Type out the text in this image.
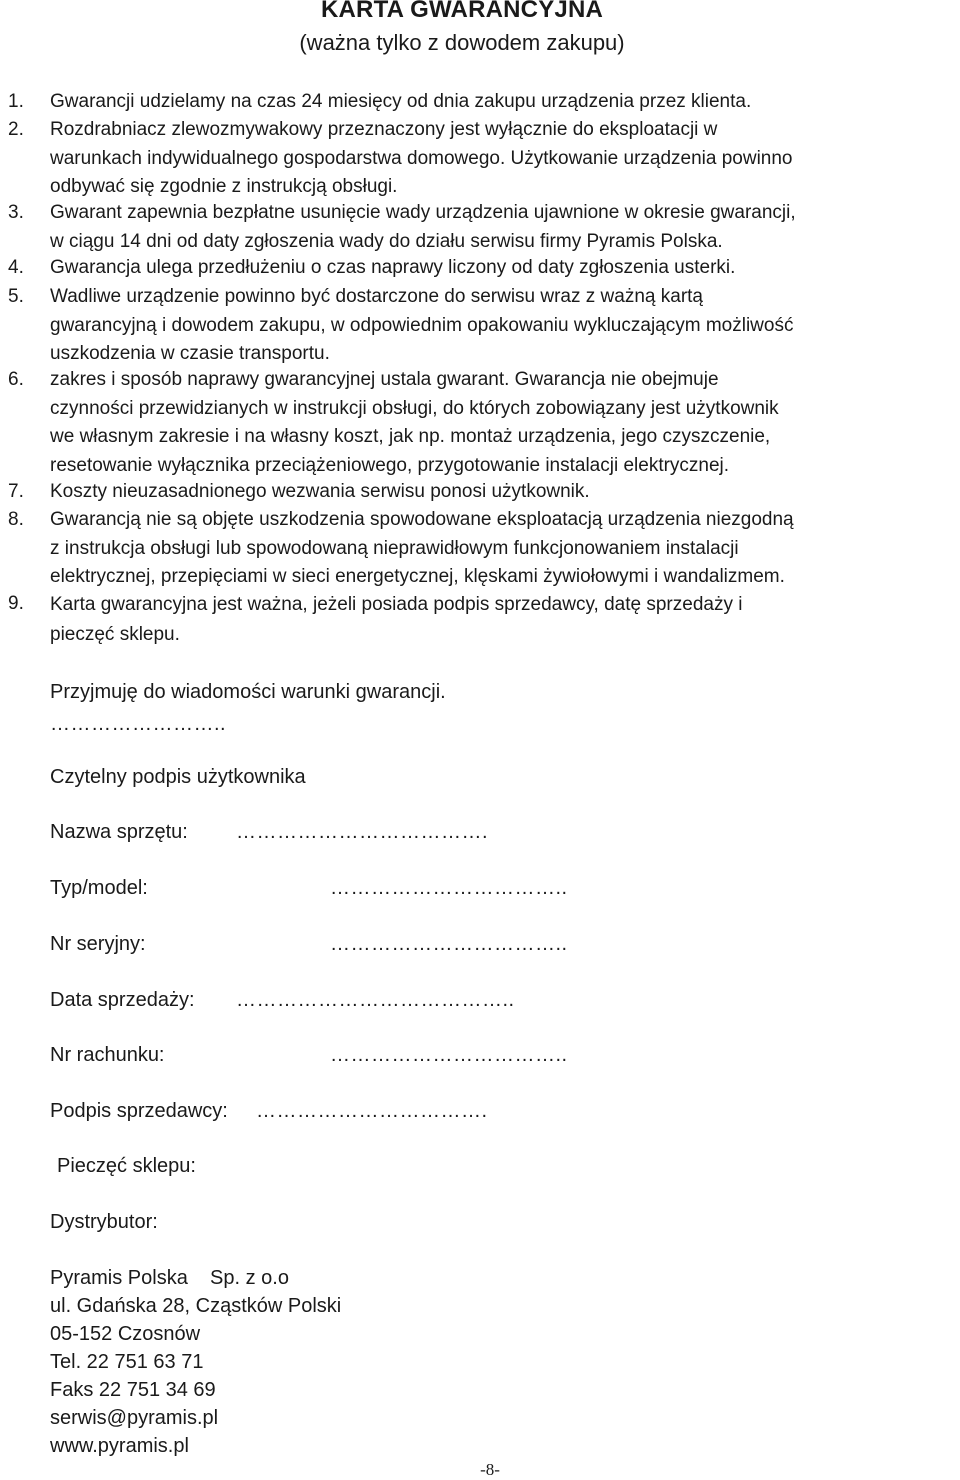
KARTA GWARANCYJNA
(ważna tylko z dowodem zakupu)
1. Gwarancji udzielamy na czas 24 miesięcy od dnia zakupu urządzenia przez klienta.
2. Rozdrabniacz zlewozmywakowy przeznaczony jest wyłącznie do eksploatacji w
warunkach indywidualnego gospodarstwa domowego. Użytkowanie urządzenia powinno
odbywać się zgodnie z instrukcją obsługi.
3. Gwarant zapewnia bezpłatne usunięcie wady urządzenia ujawnione w okresie gwarancji,
w ciągu 14 dni od daty zgłoszenia wady do działu serwisu firmy Pyramis Polska.
4. Gwarancja ulega przedłużeniu o czas naprawy liczony od daty zgłoszenia usterki.
5. Wadliwe urządzenie powinno być dostarczone do serwisu wraz z ważną kartą
gwarancyjną i dowodem zakupu, w odpowiednim opakowaniu wykluczającym możliwość
uszkodzenia w czasie transportu.
6. zakres i sposób naprawy gwarancyjnej ustala gwarant. Gwarancja nie obejmuje
czynności przewidzianych w instrukcji obsługi, do których zobowiązany jest użytkownik
we własnym zakresie i na własny koszt, jak np. montaż urządzenia, jego czyszczenie,
resetowanie wyłącznika przeciążeniowego, przygotowanie instalacji elektrycznej.
7. Koszty nieuzasadnionego wezwania serwisu ponosi użytkownik.
8. Gwarancją nie są objęte uszkodzenia spowodowane eksploatacją urządzenia niezgodną
z instrukcja obsługi lub spowodowaną nieprawidłowym funkcjonowaniem instalacji
elektrycznej, przepięciami w sieci energetycznej, klęskami żywiołowymi i wandalizmem.
9. Karta gwarancyjna jest ważna, jeżeli posiada podpis sprzedawcy, datę sprzedaży i
pieczęć sklepu.
Przyjmuję do wiadomości warunki gwarancji.
……………………..
Czytelny podpis użytkownika
Nazwa sprzętu: ……………………………….
Typ/model:	……………………………..
Nr seryjny:	……………………………..
Data sprzedaży: …………………………………..
Nr rachunku:	……………………………..
Podpis sprzedawcy: …………………………….
Pieczęć sklepu:
Dystrybutor:
Pyramis Polska    Sp. z o.o
ul. Gdańska 28, Cząstków Polski
05-152 Czosnów
Tel. 22 751 63 71
Faks 22 751 34 69
serwis@pyramis.pl
www.pyramis.pl
-8-
